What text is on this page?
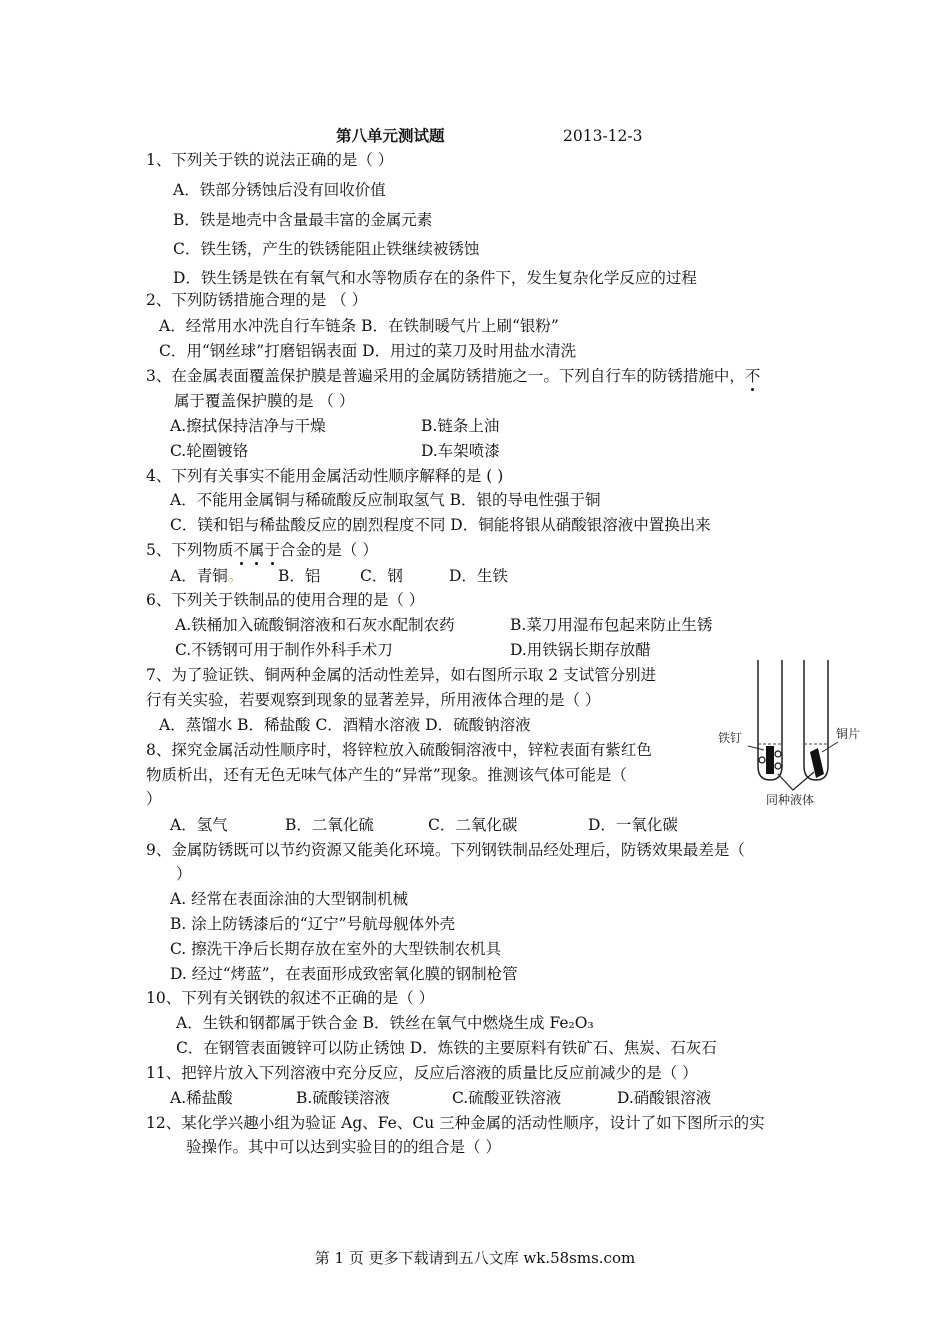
第八单元测试题	2013-12-3
1、下列关于铁的说法正确的是（ ）
A．铁部分锈蚀后没有回收价值
B．铁是地壳中含量最丰富的金属元素
C．铁生锈，产生的铁锈能阻止铁继续被锈蚀
D．铁生锈是铁在有氧气和水等物质存在的条件下，发生复杂化学反应的过程
2、下列防锈措施合理的是 （ ）
A．经常用水冲洗自行车链条 B．在铁制暖气片上刷“银粉”
C．用“钢丝球”打磨铝锅表面 D．用过的菜刀及时用盐水清洗
3、在金属表面覆盖保护膜是普遍采用的金属防锈措施之一。下列自行车的防锈措施中，不
属于覆盖保护膜的是 （ ）
A.擦拭保持洁净与干燥	B.链条上油
C.轮圈镀铬	D.车架喷漆
4、下列有关事实不能用金属活动性顺序解释的是 ( )
A．不能用金属铜与稀硫酸反应制取氢气 B．银的导电性强于铜
C．镁和铝与稀盐酸反应的剧烈程度不同 D．铜能将银从硝酸银溶液中置换出来
5、下列物质不属于合金的是（ ）
A．青铜。 B．铝	C．钢	D．生铁
6、下列关于铁制品的使用合理的是（ ）
A.铁桶加入硫酸铜溶液和石灰水配制农药	B.菜刀用湿布包起来防止生锈
C.不锈钢可用于制作外科手术刀	D.用铁锅长期存放醋
7、为了验证铁、铜两种金属的活动性差异，如右图所示取 2 支试管分别进
行有关实验，若要观察到现象的显著差异，所用液体合理的是（ ）
A．蒸馏水 B．稀盐酸 C．酒精水溶液 D．硫酸钠溶液
铁钉	铜片
同种液体
8、探究金属活动性顺序时，将锌粒放入硫酸铜溶液中，锌粒表面有紫红色
物质析出，还有无色无味气体产生的“异常”现象。推测该气体可能是（
）
A．氢气	B．二氧化硫	C．二氧化碳	D．一氧化碳
9、金属防锈既可以节约资源又能美化环境。下列钢铁制品经处理后，防锈效果最差是（
）
A. 经常在表面涂油的大型钢制机械
B. 涂上防锈漆后的“辽宁”号航母舰体外壳
C. 擦洗干净后长期存放在室外的大型铁制农机具
D. 经过“烤蓝”，在表面形成致密氧化膜的钢制枪管
10、下列有关钢铁的叙述不正确的是（ ）
A．生铁和钢都属于铁合金 B．铁丝在氧气中燃烧生成 Fe₂O₃
C．在钢管表面镀锌可以防止锈蚀 D．炼铁的主要原料有铁矿石、焦炭、石灰石
11、把锌片放入下列溶液中充分反应，反应后溶液的质量比反应前减少的是（ ）
A.稀盐酸	B.硫酸镁溶液	C.硫酸亚铁溶液	D.硝酸银溶液
12、某化学兴趣小组为验证 Ag、Fe、Cu 三种金属的活动性顺序，设计了如下图所示的实
验操作。其中可以达到实验目的的组合是（ ）
第 1 页 更多下载请到五八文库 wk.58sms.com
